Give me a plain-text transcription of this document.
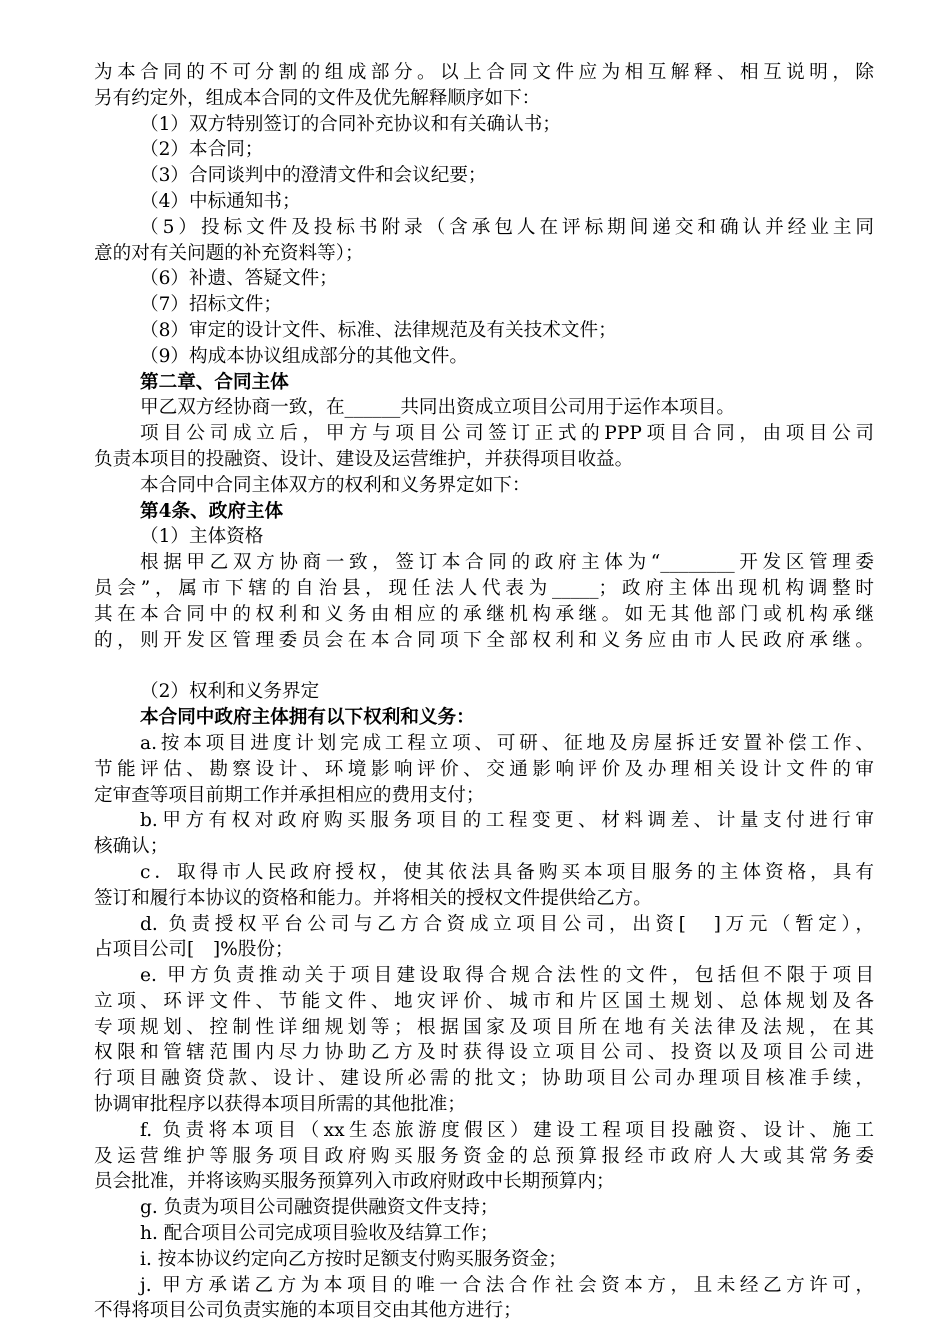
为本合同的不可分割的组成部分。以上合同文件应为相互解释、相互说明，除
另有约定外，组成本合同的文件及优先解释顺序如下：
（1）双方特别签订的合同补充协议和有关确认书；
（2）本合同；
（3）合同谈判中的澄清文件和会议纪要；
（4）中标通知书；
（5）投标文件及投标书附录（含承包人在评标期间递交和确认并经业主同
意的对有关问题的补充资料等）；
（6）补遗、答疑文件；
（7）招标文件；
（8）审定的设计文件、标准、法律规范及有关技术文件；
（9）构成本协议组成部分的其他文件。
第二章、合同主体
甲乙双方经协商一致，在______共同出资成立项目公司用于运作本项目。
项目公司成立后，甲方与项目公司签订正式的PPP项目合同，由项目公司
负责本项目的投融资、设计、建设及运营维护，并获得项目收益。
本合同中合同主体双方的权利和义务界定如下：
第4条、政府主体
（1）主体资格
根据甲乙双方协商一致，签订本合同的政府主体为“________开发区管理委
员会”，属市下辖的自治县，现任法人代表为_____；政府主体出现机构调整时
其在本合同中的权利和义务由相应的承继机构承继。如无其他部门或机构承继
的，则开发区管理委员会在本合同项下全部权利和义务应由市人民政府承继。
（2）权利和义务界定
本合同中政府主体拥有以下权利和义务：
a.按本项目进度计划完成工程立项、可研、征地及房屋拆迁安置补偿工作、
节能评估、勘察设计、环境影响评价、交通影响评价及办理相关设计文件的审
定审查等项目前期工作并承担相应的费用支付；
b.甲方有权对政府购买服务项目的工程变更、材料调差、计量支付进行审
核确认；
c．取得市人民政府授权，使其依法具备购买本项目服务的主体资格，具有
签订和履行本协议的资格和能力。并将相关的授权文件提供给乙方。
d. 负责授权平台公司与乙方合资成立项目公司，出资[　]万元（暂定），
占项目公司[　]%股份；
e. 甲方负责推动关于项目建设取得合规合法性的文件，包括但不限于项目
立项、环评文件、节能文件、地灾评价、城市和片区国土规划、总体规划及各
专项规划、控制性详细规划等；根据国家及项目所在地有关法律及法规，在其
权限和管辖范围内尽力协助乙方及时获得设立项目公司、投资以及项目公司进
行项目融资贷款、设计、建设所必需的批文；协助项目公司办理项目核准手续，
协调审批程序以获得本项目所需的其他批准；
f. 负责将本项目（xx生态旅游度假区）建设工程项目投融资、设计、施工
及运营维护等服务项目政府购买服务资金的总预算报经市政府人大或其常务委
员会批准，并将该购买服务预算列入市政府财政中长期预算内；
g. 负责为项目公司融资提供融资文件支持；
h. 配合项目公司完成项目验收及结算工作；
i. 按本协议约定向乙方按时足额支付购买服务资金；
j. 甲方承诺乙方为本项目的唯一合法合作社会资本方，且未经乙方许可，
不得将项目公司负责实施的本项目交由其他方进行；
